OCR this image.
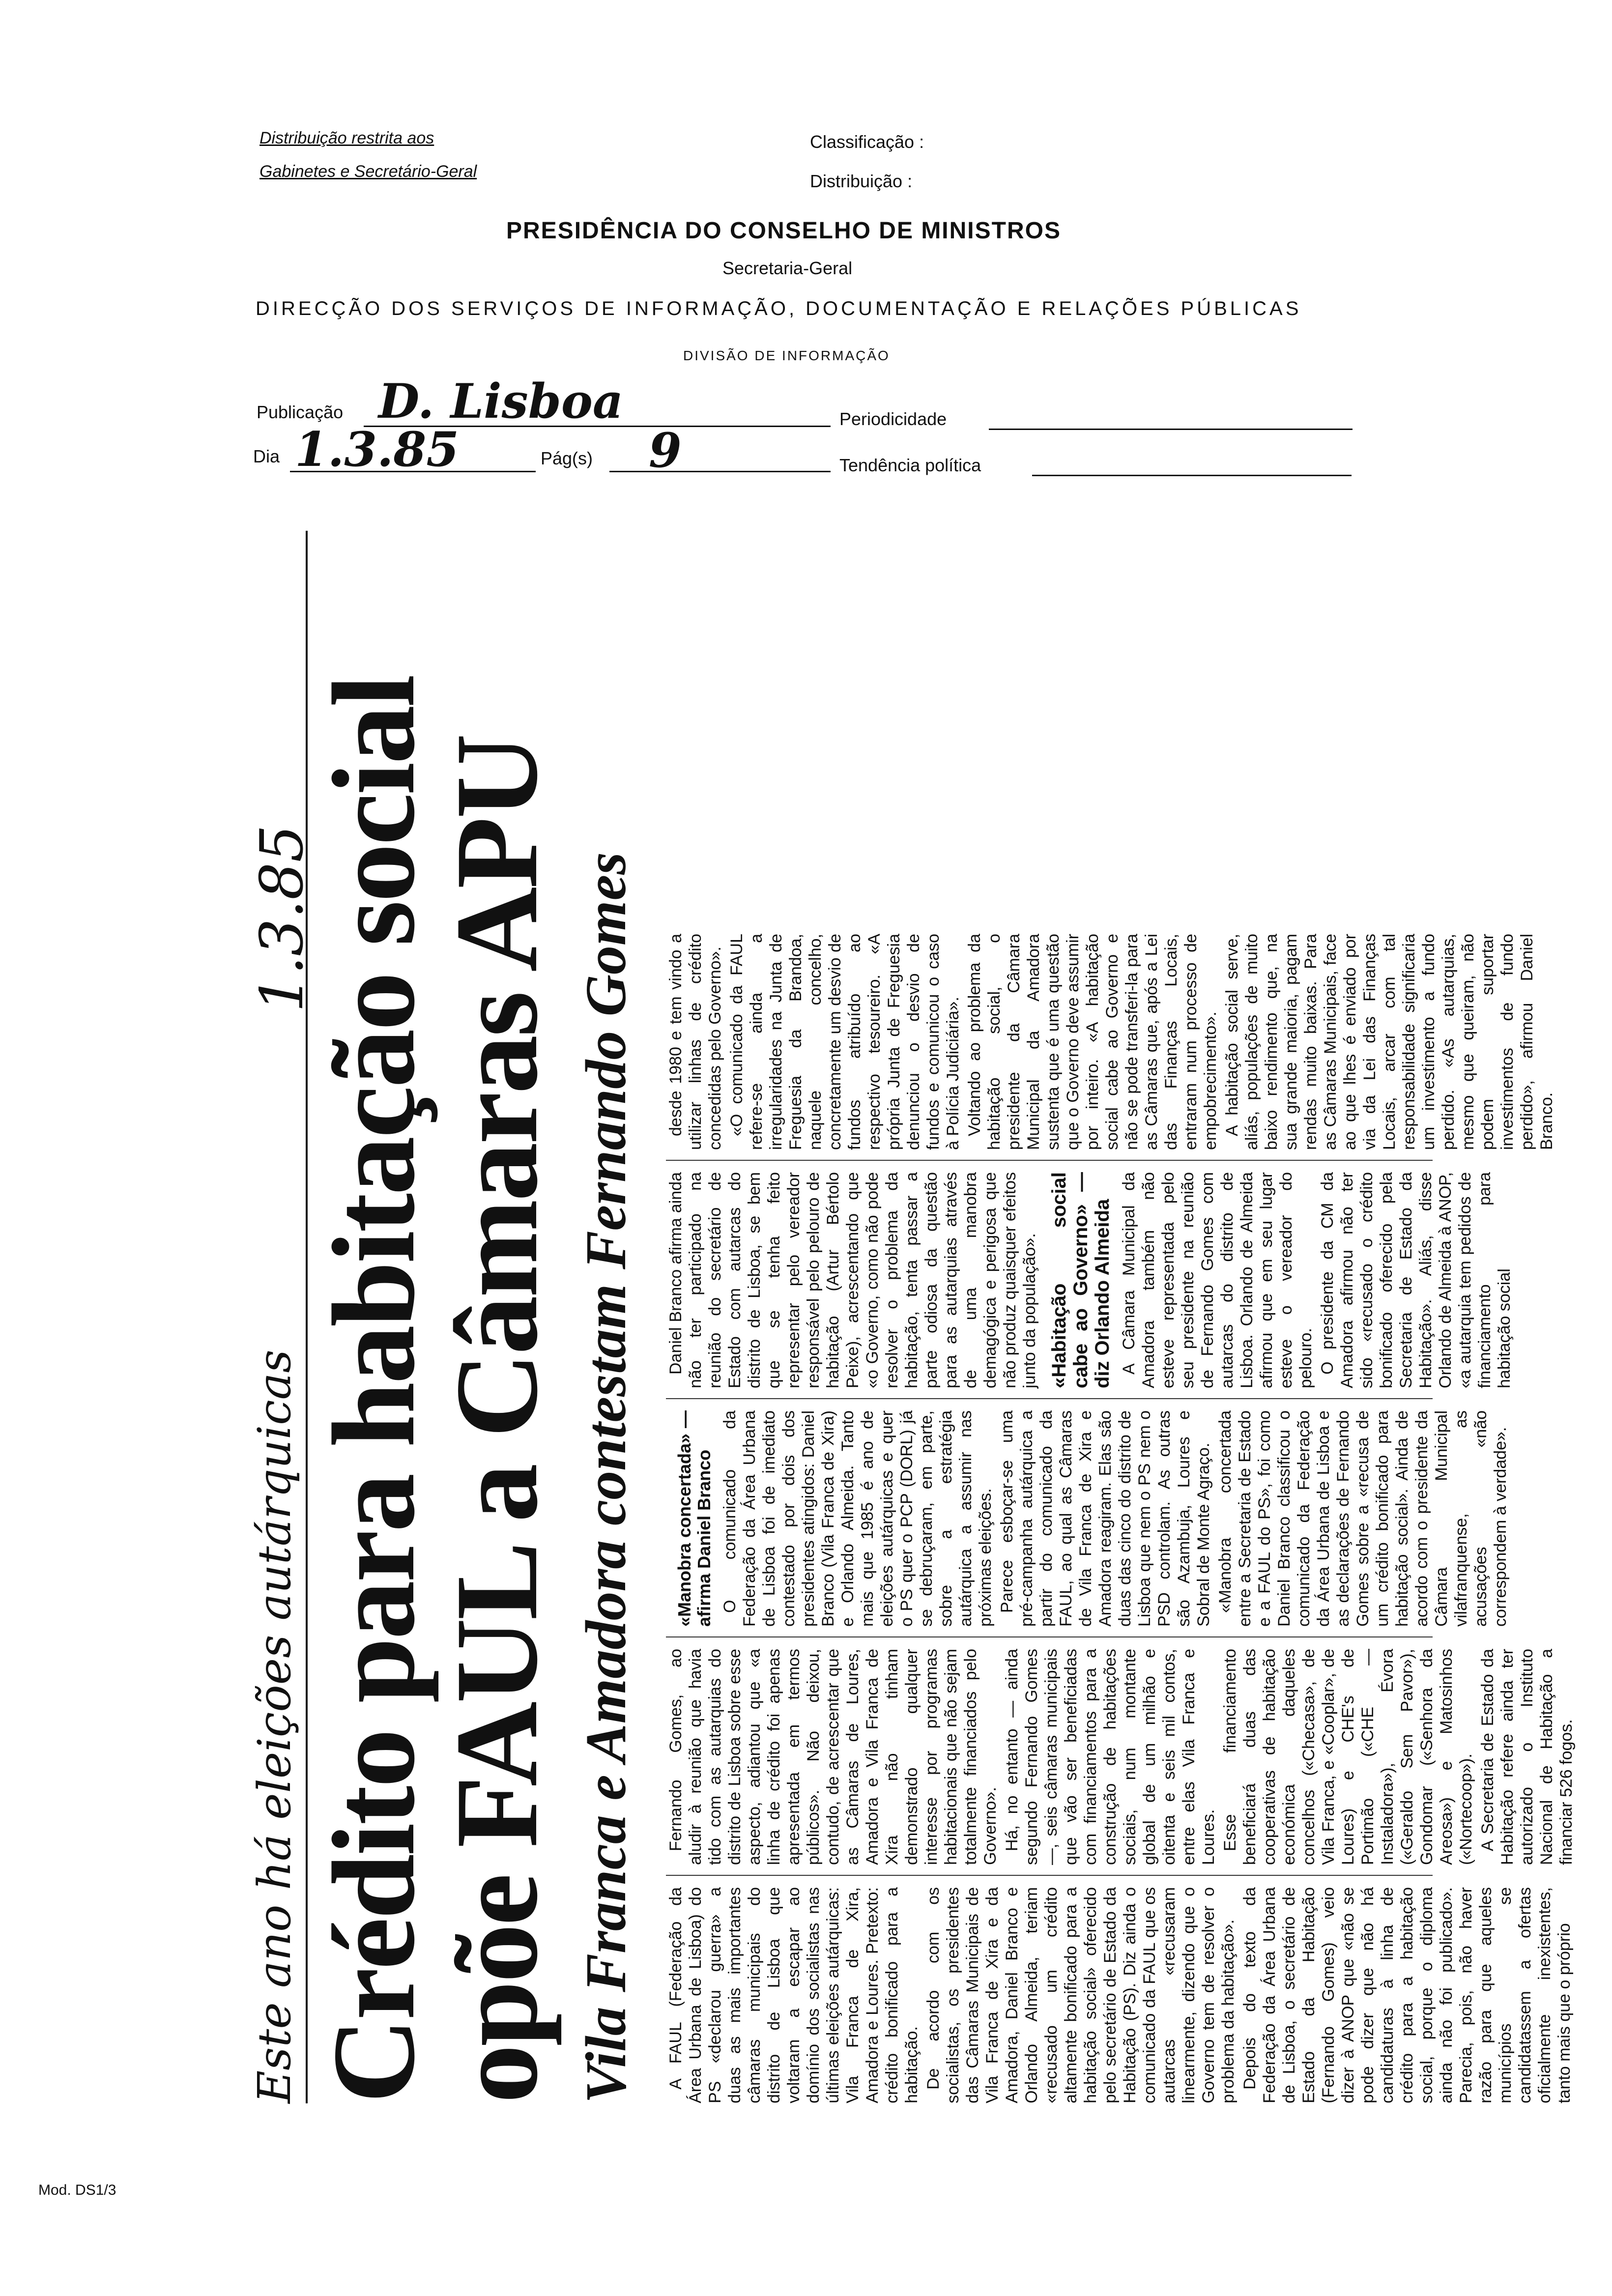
Distribuição restrita aos
Gabinetes e Secretário-Geral
Classificação :
Distribuição :
PRESIDÊNCIA DO CONSELHO DE MINISTROS
Secretaria-Geral
DIRECÇÃO DOS SERVIÇOS DE INFORMAÇÃO, DOCUMENTAÇÃO E RELAÇÕES PÚBLICAS
DIVISÃO DE INFORMAÇÃO
Publicação D. Lisboa	Periodicidade
Dia 1.3.85	Pág(s) 9	Tendência política
Este ano há eleições autárquicas
1.3.85
Crédito para habitação social
opõe FAUL a Câmaras APU Vila Franca e Amadora contestam Fernando Gomes A FAUL (Federação da Área Urbana de Lisboa) do PS «declarou guerra» a duas as mais importantes câmaras municipais do distrito de Lisboa que voltaram a escapar ao domínio dos socialistas nas últimas eleições autárquicas: Vila Franca de Xira, Amadora e Loures. Pretexto: crédito bonificado para a habitação. De acordo com os socialistas, os presidentes das Câmaras Municipais de Vila Franca de Xira e da Amadora, Daniel Branco e Orlando Almeida, teriam «recusado um crédito altamente bonificado para a habitação social» oferecido pelo secretário de Estado da Habitação (PS). Diz ainda o comunicado da FAUL que os autarcas «recusaram linearmente, dizendo que o Governo tem de resolver o problema da habitação». Depois do texto da Federação da Área Urbana de Lisboa, o secretário de Estado da Habitação (Fernando Gomes) veio dizer à ANOP que «não se pode dizer que não há candidaturas à linha de crédito para a habitação social, porque o diploma ainda não foi publicado». Parecia, pois, não haver razão para que aqueles municípios se candidatassem a ofertas oficialmente inexistentes, tanto mais que o próprio

Fernando Gomes, ao aludir à reunião que havia tido com as autarquias do distrito de Lisboa sobre esse aspecto, adiantou que «a linha de crédito foi apenas apresentada em termos públicos». Não deixou, contudo, de acrescentar que as Câmaras de Loures, Amadora e Vila Franca de Xira não tinham demonstrado qualquer interesse por programas habitacionais que não sejam totalmente financiados pelo Governo». Há, no entanto — ainda segundo Fernando Gomes —, seis câmaras municipais que vão ser beneficiadas com financiamentos para a construção de habitações sociais, num montante global de um milhão e oitenta e seis mil contos, entre elas Vila Franca e Loures. Esse financiamento beneficiará duas das cooperativas de habitação económica daqueles concelhos («Checasa», de Vila Franca, e «Cooplar», de Loures) e CHE's de Portimão («CHE — Instaladora»), Évora («Geraldo Sem Pavor»), Gondomar («Senhora da Areosa») e Matosinhos («Nortecoop»). A Secretaria de Estado da Habitação refere ainda ter autorizado o Instituto Nacional de Habitação a financiar 526 fogos.

«Manobra concertada» — afirma Daniel Branco O comunicado da Federação da Área Urbana de Lisboa foi de imediato contestado por dois dos presidentes atingidos: Daniel Branco (Vila Franca de Xira) e Orlando Almeida. Tanto mais que 1985 é ano de eleições autárquicas e quer o PS quer o PCP (DORL) já se debruçaram, em parte, sobre a estratégia autárquica a assumir nas próximas eleições. Parece esboçar-se uma pré-campanha autárquica a partir do comunicado da FAUL, ao qual as Câmaras de Vila Franca de Xira e Amadora reagiram. Elas são duas das cinco do distrito de Lisboa que nem o PS nem o PSD controlam. As outras são Azambuja, Loures e Sobral de Monte Agraço. «Manobra concertada entre a Secretaria de Estado e a FAUL do PS», foi como Daniel Branco classificou o comunicado da Federação da Área Urbana de Lisboa e as declarações de Fernando Gomes sobre a «recusa de um crédito bonificado para habitação social». Ainda de acordo com o presidente da Câmara Municipal vilafranquense, as acusações «não correspondem à verdade».

Daniel Branco afirma ainda não ter participado na reunião do secretário de Estado com autarcas do distrito de Lisboa, se bem que se tenha feito representar pelo vereador responsável pelo pelouro de habitação (Artur Bértolo Peixe), acrescentando que «o Governo, como não pode resolver o problema da habitação, tenta passar a parte odiosa da questão para as autarquias através de uma manobra demagógica e perigosa que não produz quaisquer efeitos junto da população». «Habitação social cabe ao Governo» — diz Orlando Almeida A Câmara Municipal da Amadora também não esteve representada pelo seu presidente na reunião de Fernando Gomes com autarcas do distrito de Lisboa. Orlando de Almeida afirmou que em seu lugar esteve o vereador do pelouro. O presidente da CM da Amadora afirmou não ter sido «recusado o crédito bonificado oferecido pela Secretaria de Estado da Habitação». Aliás, disse Orlando de Almeida à ANOP, «a autarquia tem pedidos de financiamento para habitação social

desde 1980 e tem vindo a utilizar linhas de crédito concedidas pelo Governo». «O comunicado da FAUL refere-se ainda a irregularidades na Junta de Freguesia da Brandoa, naquele concelho, concretamente um desvio de fundos atribuído ao respectivo tesoureiro. «A própria Junta de Freguesia denunciou o desvio de fundos e comunicou o caso à Polícia Judiciária». Voltando ao problema da habitação social, o presidente da Câmara Municipal da Amadora sustenta que é uma questão que o Governo deve assumir por inteiro. «A habitação social cabe ao Governo e não se pode transferi-la para as Câmaras que, após a Lei das Finanças Locais, entraram num processo de empobrecimento». A habitação social serve, aliás, populações de muito baixo rendimento que, na sua grande maioria, pagam rendas muito baixas. Para as Câmaras Municipais, face ao que lhes é enviado por via da Lei das Finanças Locais, arcar com tal responsabilidade significaria um investimento a fundo perdido. «As autarquias, mesmo que queiram, não podem suportar investimentos de fundo perdido», afirmou Daniel Branco.

Mod. DS1/3
